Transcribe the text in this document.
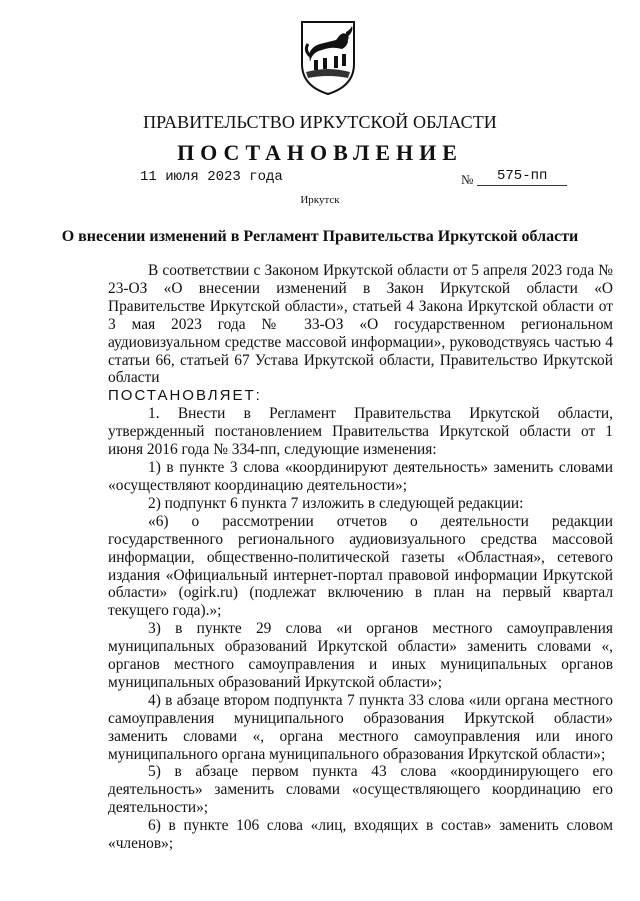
ПРАВИТЕЛЬСТВО ИРКУТСКОЙ ОБЛАСТИ
ПОСТАНОВЛЕНИЕ
11 июля 2023 года	№	575-пп
Иркутск
О внесении изменений в Регламент Правительства Иркутской области

В соответствии с Законом Иркутской области от 5 апреля 2023 года № 23-ОЗ «О внесении изменений в Закон Иркутской области «О Правительстве Иркутской области», статьей 4 Закона Иркутской области от 3 мая 2023 года № 33-ОЗ «О государственном региональном аудиовизуальном средстве массовой информации», руководствуясь частью 4 статьи 66, статьей 67 Устава Иркутской области, Правительство Иркутской области

ПОСТАНОВЛЯЕТ:

1. Внести в Регламент Правительства Иркутской области, утвержденный постановлением Правительства Иркутской области от 1 июня 2016 года № 334-пп, следующие изменения:

1) в пункте 3 слова «координируют деятельность» заменить словами «осуществляют координацию деятельности»;

2) подпункт 6 пункта 7 изложить в следующей редакции:

«6) о рассмотрении отчетов о деятельности редакции государственного регионального аудиовизуального средства массовой информации, общественно-политической газеты «Областная», сетевого издания «Официальный интернет-портал правовой информации Иркутской области» (ogirk.ru) (подлежат включению в план на первый квартал текущего года).»;

3) в пункте 29 слова «и органов местного самоуправления муниципальных образований Иркутской области» заменить словами «, органов местного самоуправления и иных муниципальных органов муниципальных образований Иркутской области»;

4) в абзаце втором подпункта 7 пункта 33 слова «или органа местного самоуправления муниципального образования Иркутской области» заменить словами «, органа местного самоуправления или иного муниципального органа муниципального образования Иркутской области»;

5) в абзаце первом пункта 43 слова «координирующего его деятельность» заменить словами «осуществляющего координацию его деятельности»;

6) в пункте 106 слова «лиц, входящих в состав» заменить словом «членов»;
